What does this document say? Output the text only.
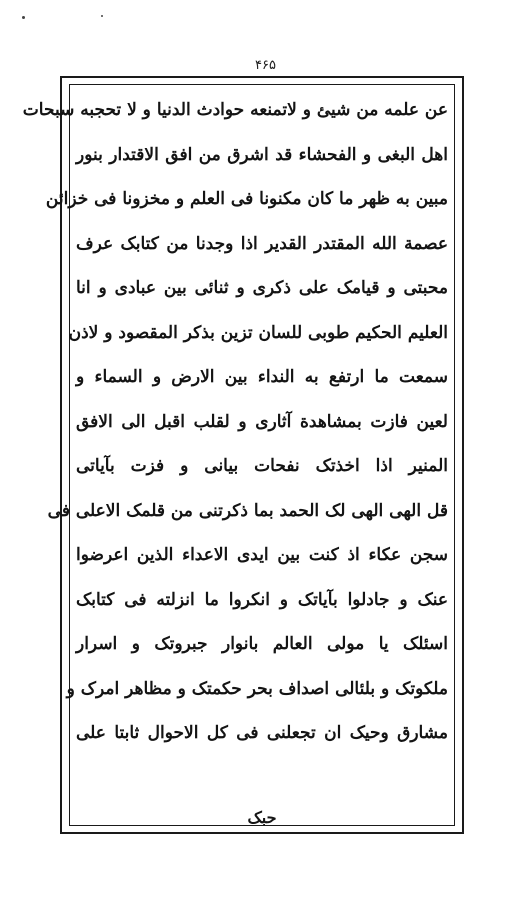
۴۶۵
عن علمه من شیئ و لاتمنعه حوادث الدنیا و لا تحجبه سبحات
اهل البغی و الفحشاء قد اشرق من افق الاقتدار بنور
مبین به ظهر ما کان مکنونا فی العلم و مخزونا فی خزائن
عصمة الله المقتدر القدیر اذا وجدنا من کتابک عرف
محبتی و قیامک علی ذکری و ثنائی بین عبادی و انا
العلیم الحکیم طوبی للسان تزین بذکر المقصود و لاذن
سمعت ما ارتفع به النداء بین الارض و السماء و
لعین فازت بمشاهدة آثاری و لقلب اقبل الی الافق
المنیر اذا اخذتک نفحات بیانی و فزت بآیاتی
قل الهی الهی لک الحمد بما ذکرتنی من قلمک الاعلی فی
سجن عکاء اذ کنت بین ایدی الاعداء الذین اعرضوا
عنک و جادلوا بآیاتک و انکروا ما انزلته فی کتابک
اسئلک یا مولی العالم بانوار جبروتک و اسرار
ملکوتک و بلئالی اصداف بحر حکمتک و مظاهر امرک و
مشارق وحیک ان تجعلنی فی کل الاحوال ثابتا علی
حبک
